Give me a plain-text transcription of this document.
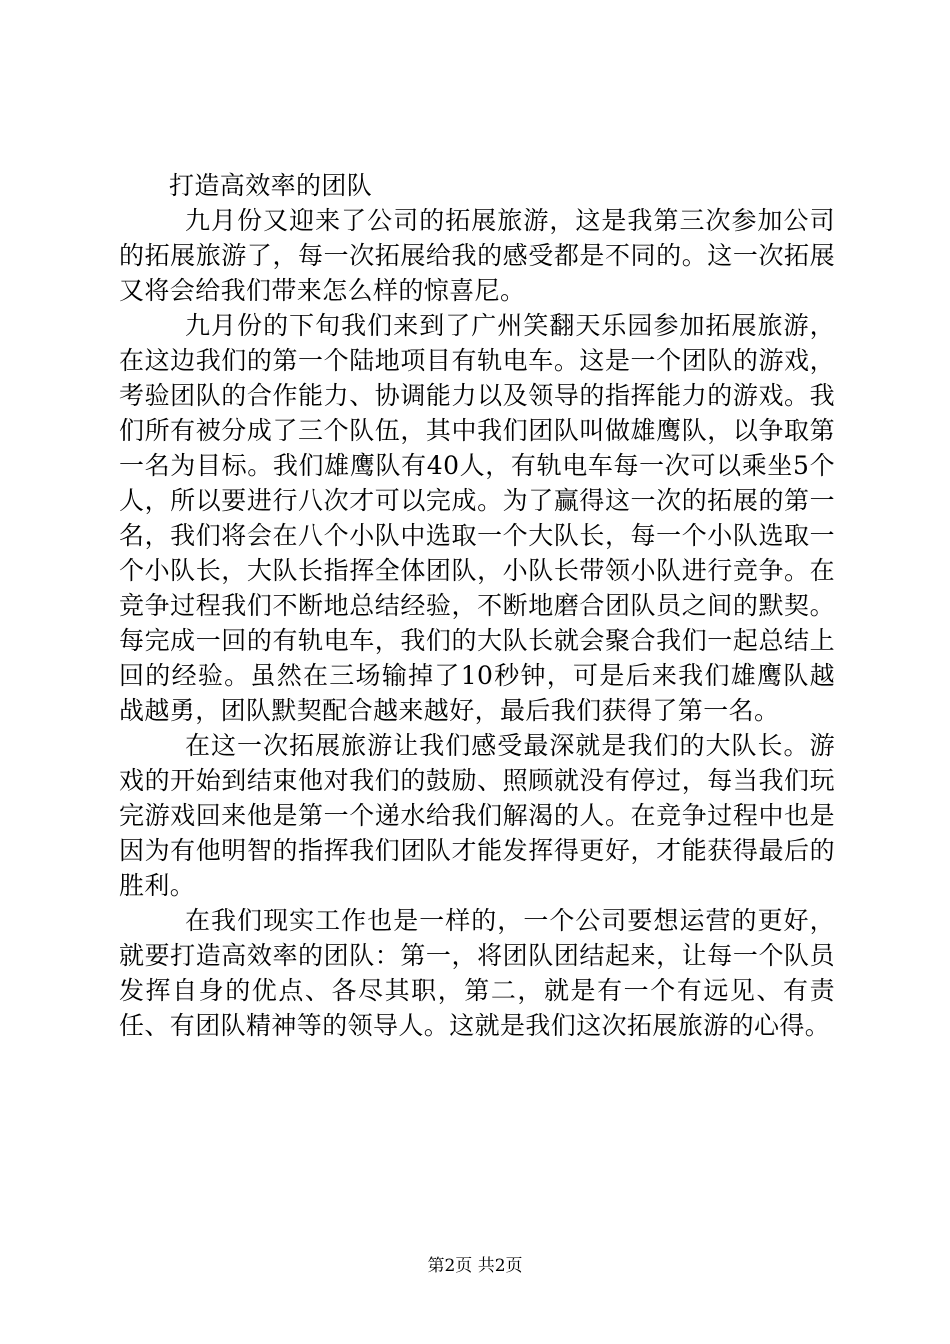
打造高效率的团队

九月份又迎来了公司的拓展旅游，这是我第三次参加公司的拓展旅游了，每一次拓展给我的感受都是不同的。这一次拓展又将会给我们带来怎么样的惊喜尼。

九月份的下旬我们来到了广州笑翻天乐园参加拓展旅游，在这边我们的第一个陆地项目有轨电车。这是一个团队的游戏，考验团队的合作能力、协调能力以及领导的指挥能力的游戏。我们所有被分成了三个队伍，其中我们团队叫做雄鹰队，以争取第一名为目标。我们雄鹰队有40人，有轨电车每一次可以乘坐5个人，所以要进行八次才可以完成。为了赢得这一次的拓展的第一名，我们将会在八个小队中选取一个大队长，每一个小队选取一个小队长，大队长指挥全体团队，小队长带领小队进行竞争。在竞争过程我们不断地总结经验，不断地磨合团队员之间的默契。每完成一回的有轨电车，我们的大队长就会聚合我们一起总结上回的经验。虽然在三场输掉了10秒钟，可是后来我们雄鹰队越战越勇，团队默契配合越来越好，最后我们获得了第一名。

在这一次拓展旅游让我们感受最深就是我们的大队长。游戏的开始到结束他对我们的鼓励、照顾就没有停过，每当我们玩完游戏回来他是第一个递水给我们解渴的人。在竞争过程中也是因为有他明智的指挥我们团队才能发挥得更好，才能获得最后的胜利。

在我们现实工作也是一样的，一个公司要想运营的更好，就要打造高效率的团队：第一，将团队团结起来，让每一个队员发挥自身的优点、各尽其职，第二，就是有一个有远见、有责任、有团队精神等的领导人。这就是我们这次拓展旅游的心得。

第2页 共2页
